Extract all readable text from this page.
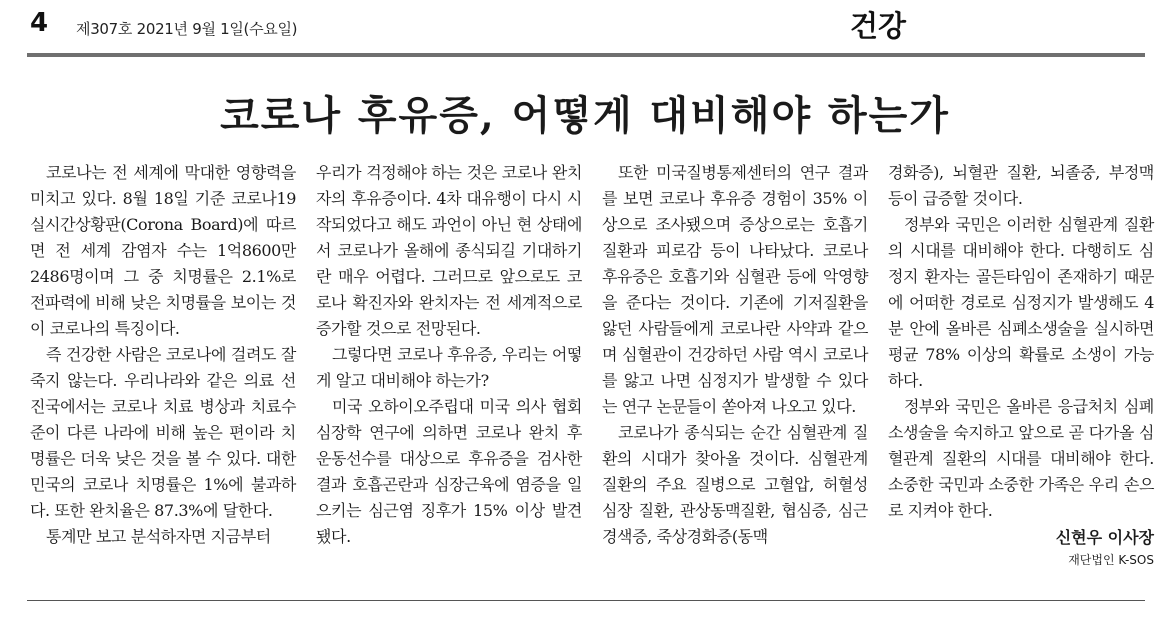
4 제307호 2021년 9월 1일(수요일)	건강
코로나 후유증, 어떻게 대비해야 하는가

코로나는 전 세계에 막대한 영향력을 미치고 있다. 8월 18일 기준 코로나19 실시간상황판(Corona Board)에 따르면 전 세계 감염자 수는 1억8600만2486명이며 그 중 치명률은 2.1%로 전파력에 비해 낮은 치명률을 보이는 것이 코로나의 특징이다.

즉 건강한 사람은 코로나에 걸려도 잘 죽지 않는다. 우리나라와 같은 의료 선진국에서는 코로나 치료 병상과 치료수준이 다른 나라에 비해 높은 편이라 치명률은 더욱 낮은 것을 볼 수 있다. 대한민국의 코로나 치명률은 1%에 불과하다. 또한 완치율은 87.3%에 달한다.

통계만 보고 분석하자면 지금부터

우리가 걱정해야 하는 것은 코로나 완치자의 후유증이다. 4차 대유행이 다시 시작되었다고 해도 과언이 아닌 현 상태에서 코로나가 올해에 종식되길 기대하기란 매우 어렵다. 그러므로 앞으로도 코로나 확진자와 완치자는 전 세계적으로 증가할 것으로 전망된다.

그렇다면 코로나 후유증, 우리는 어떻게 알고 대비해야 하는가?

미국 오하이오주립대 미국 의사 협회 심장학 연구에 의하면 코로나 완치 후 운동선수를 대상으로 후유증을 검사한 결과 호흡곤란과 심장근육에 염증을 일으키는 심근염 징후가 15% 이상 발견됐다.

또한 미국질병통제센터의 연구 결과를 보면 코로나 후유증 경험이 35% 이상으로 조사됐으며 증상으로는 호흡기 질환과 피로감 등이 나타났다. 코로나 후유증은 호흡기와 심혈관 등에 악영향을 준다는 것이다. 기존에 기저질환을 앓던 사람들에게 코로나란 사약과 같으며 심혈관이 건강하던 사람 역시 코로나를 앓고 나면 심정지가 발생할 수 있다는 연구 논문들이 쏟아져 나오고 있다.

코로나가 종식되는 순간 심혈관계 질환의 시대가 찾아올 것이다. 심혈관계 질환의 주요 질병으로 고혈압, 허혈성 심장 질환, 관상동맥질환, 협심증, 심근경색증, 죽상경화증(동맥

경화증), 뇌혈관 질환, 뇌졸중, 부정맥 등이 급증할 것이다.

정부와 국민은 이러한 심혈관계 질환의 시대를 대비해야 한다. 다행히도 심정지 환자는 골든타임이 존재하기 때문에 어떠한 경로로 심정지가 발생해도 4분 안에 올바른 심폐소생술을 실시하면 평균 78% 이상의 확률로 소생이 가능하다.

정부와 국민은 올바른 응급처치 심폐소생술을 숙지하고 앞으로 곧 다가올 심혈관계 질환의 시대를 대비해야 한다. 소중한 국민과 소중한 가족은 우리 손으로 지켜야 한다.

신현우 이사장
재단법인 K-SOS
